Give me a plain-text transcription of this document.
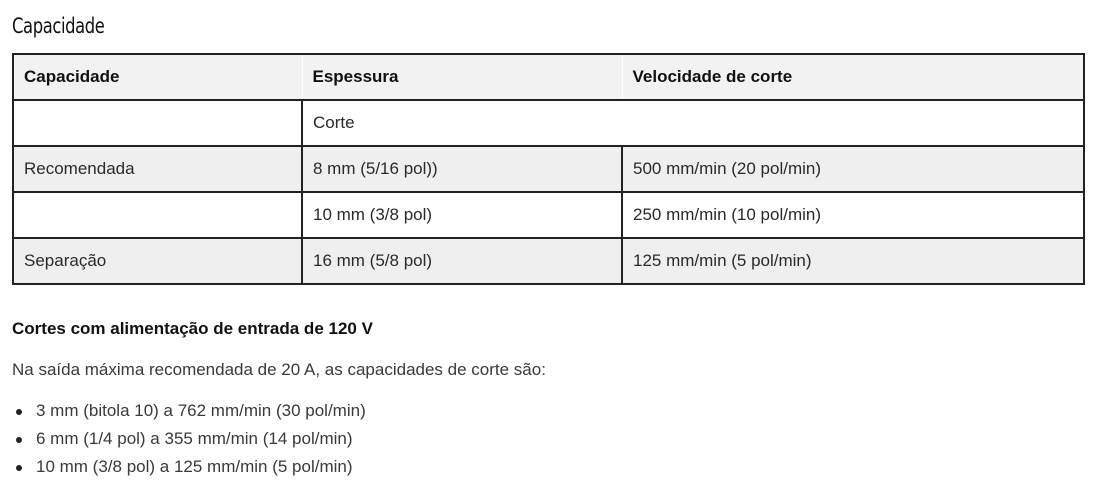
Capacidade
Capacidade	Espessura	Velocidade de corte
	Corte	
Recomendada	8 mm (5/16 pol))	500 mm/min (20 pol/min)
	10 mm (3/8 pol)	250 mm/min (10 pol/min)
Separação	16 mm (5/8 pol)	125 mm/min (5 pol/min)
Cortes com alimentação de entrada de 120 V

Na saída máxima recomendada de 20 A, as capacidades de corte são:

3 mm (bitola 10) a 762 mm/min (30 pol/min)
6 mm (1/4 pol) a 355 mm/min (14 pol/min)
10 mm (3/8 pol) a 125 mm/min (5 pol/min)
